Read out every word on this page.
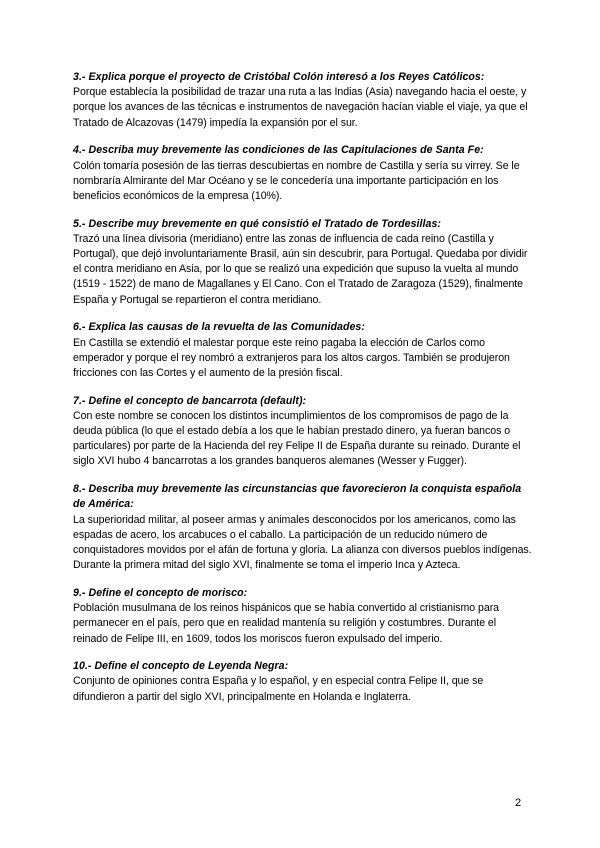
3.- Explica porque el proyecto de Cristóbal Colón interesó a los Reyes Católicos:

Porque establecía la posibilidad de trazar una ruta a las Indias (Asia) navegando hacia el oeste, y porque los avances de las técnicas e instrumentos de navegación hacían viable el viaje, ya que el Tratado de Alcazovas (1479) impedía la expansión por el sur.

4.- Describa muy brevemente las condiciones de las Capitulaciones de Santa Fe:

Colón tomaría posesión de las tierras descubiertas en nombre de Castilla y sería su virrey. Se le nombraría Almirante del Mar Océano y se le concedería una importante participación en los beneficios económicos de la empresa (10%).

5.- Describe muy brevemente en qué consistió el Tratado de Tordesillas:

Trazó una línea divisoria (meridiano) entre las zonas de influencia de cada reino (Castilla y Portugal), que dejó involuntariamente Brasil, aún sin descubrir, para Portugal. Quedaba por dividir el contra meridiano en Asia, por lo que se realizó una expedición que supuso la vuelta al mundo (1519 - 1522) de mano de Magallanes y El Cano. Con el Tratado de Zaragoza (1529), finalmente España y Portugal se repartieron el contra meridiano.

6.- Explica las causas de la revuelta de las Comunidades:

En Castilla se extendió el malestar porque este reino pagaba la elección de Carlos como emperador y porque el rey nombró a extranjeros para los altos cargos. También se produjeron fricciones con las Cortes y el aumento de la presión fiscal.

7.- Define el concepto de bancarrota (default):

Con este nombre se conocen los distintos incumplimientos de los compromisos de pago de la deuda pública (lo que el estado debía a los que le habían prestado dinero, ya fueran bancos o particulares) por parte de la Hacienda del rey Felipe II de España durante su reinado. Durante el siglo XVI hubo 4 bancarrotas a los grandes banqueros alemanes (Wesser y Fugger).

8.- Describa muy brevemente las circunstancias que favorecieron la conquista española de América:

La superioridad militar, al poseer armas y animales desconocidos por los americanos, como las espadas de acero, los arcabuces o el caballo. La participación de un reducido número de conquistadores movidos por el afán de fortuna y gloria. La alianza con diversos pueblos indígenas. Durante la primera mitad del siglo XVI, finalmente se toma el imperio Inca y Azteca.

9.- Define el concepto de morisco:

Población musulmana de los reinos hispánicos que se había convertido al cristianismo para permanecer en el país, pero que en realidad mantenía su religión y costumbres. Durante el reinado de Felipe III, en 1609, todos los moriscos fueron expulsado del imperio.

10.- Define el concepto de Leyenda Negra:

Conjunto de opiniones contra España y lo español, y en especial contra Felipe II, que se difundieron a partir del siglo XVI, principalmente en Holanda e Inglaterra.

2
